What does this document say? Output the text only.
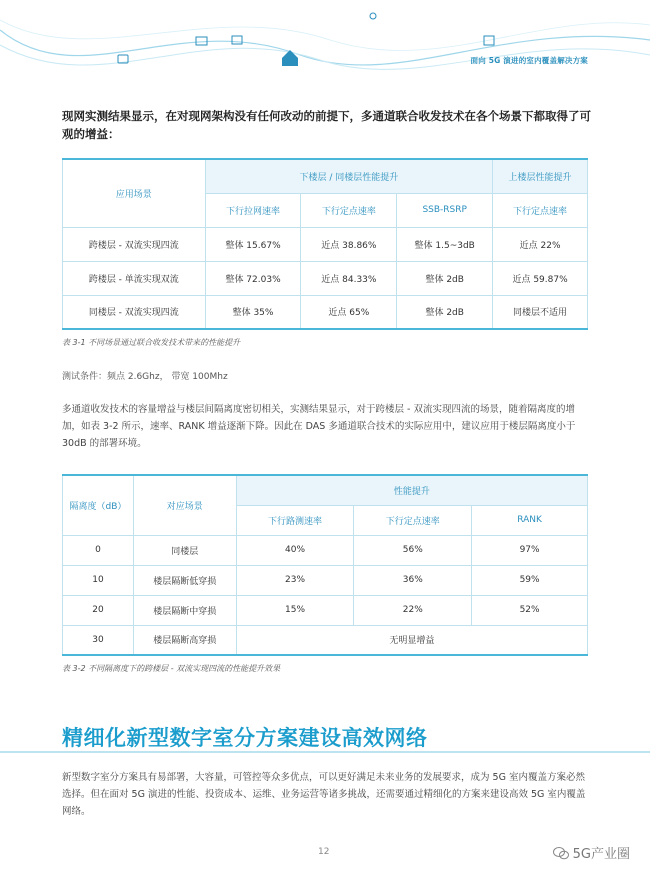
面向 5G 演进的室内覆盖解决方案
现网实测结果显示，在对现网架构没有任何改动的前提下，多通道联合收发技术在各个场景下都取得了可观的增益：
应用场景	下楼层 / 同楼层性能提升			上楼层性能提升
	下行拉网速率	下行定点速率	SSB-RSRP	下行定点速率
跨楼层 - 双流实现四流	整体 15.67%	近点 38.86%	整体 1.5~3dB	近点 22%
跨楼层 - 单流实现双流	整体 72.03%	近点 84.33%	整体 2dB	近点 59.87%
同楼层 - 双流实现四流	整体 35%	近点 65%	整体 2dB	同楼层不适用
表 3-1 不同场景通过联合收发技术带来的性能提升
测试条件：频点 2.6Ghz， 带宽 100Mhz
多通道收发技术的容量增益与楼层间隔离度密切相关，实测结果显示，对于跨楼层 - 双流实现四流的场景，随着隔离度的增加，如表 3-2 所示，速率、RANK 增益逐渐下降。因此在 DAS 多通道联合技术的实际应用中，建议应用于楼层隔离度小于 30dB 的部署环境。
隔离度（dB）	对应场景	性能提升		
		下行路测速率	下行定点速率	RANK
0	同楼层	40%	56%	97%
10	楼层隔断低穿损	23%	36%	59%
20	楼层隔断中穿损	15%	22%	52%
30	楼层隔断高穿损	无明显增益		
表 3-2 不同隔离度下的跨楼层 - 双流实现四流的性能提升效果
精细化新型数字室分方案建设高效网络
新型数字室分方案具有易部署，大容量，可管控等众多优点，可以更好满足未来业务的发展要求，成为 5G 室内覆盖方案必然选择。但在面对 5G 演进的性能、投资成本、运维、业务运营等诸多挑战，还需要通过精细化的方案来建设高效 5G 室内覆盖网络。
12	5G产业圈
